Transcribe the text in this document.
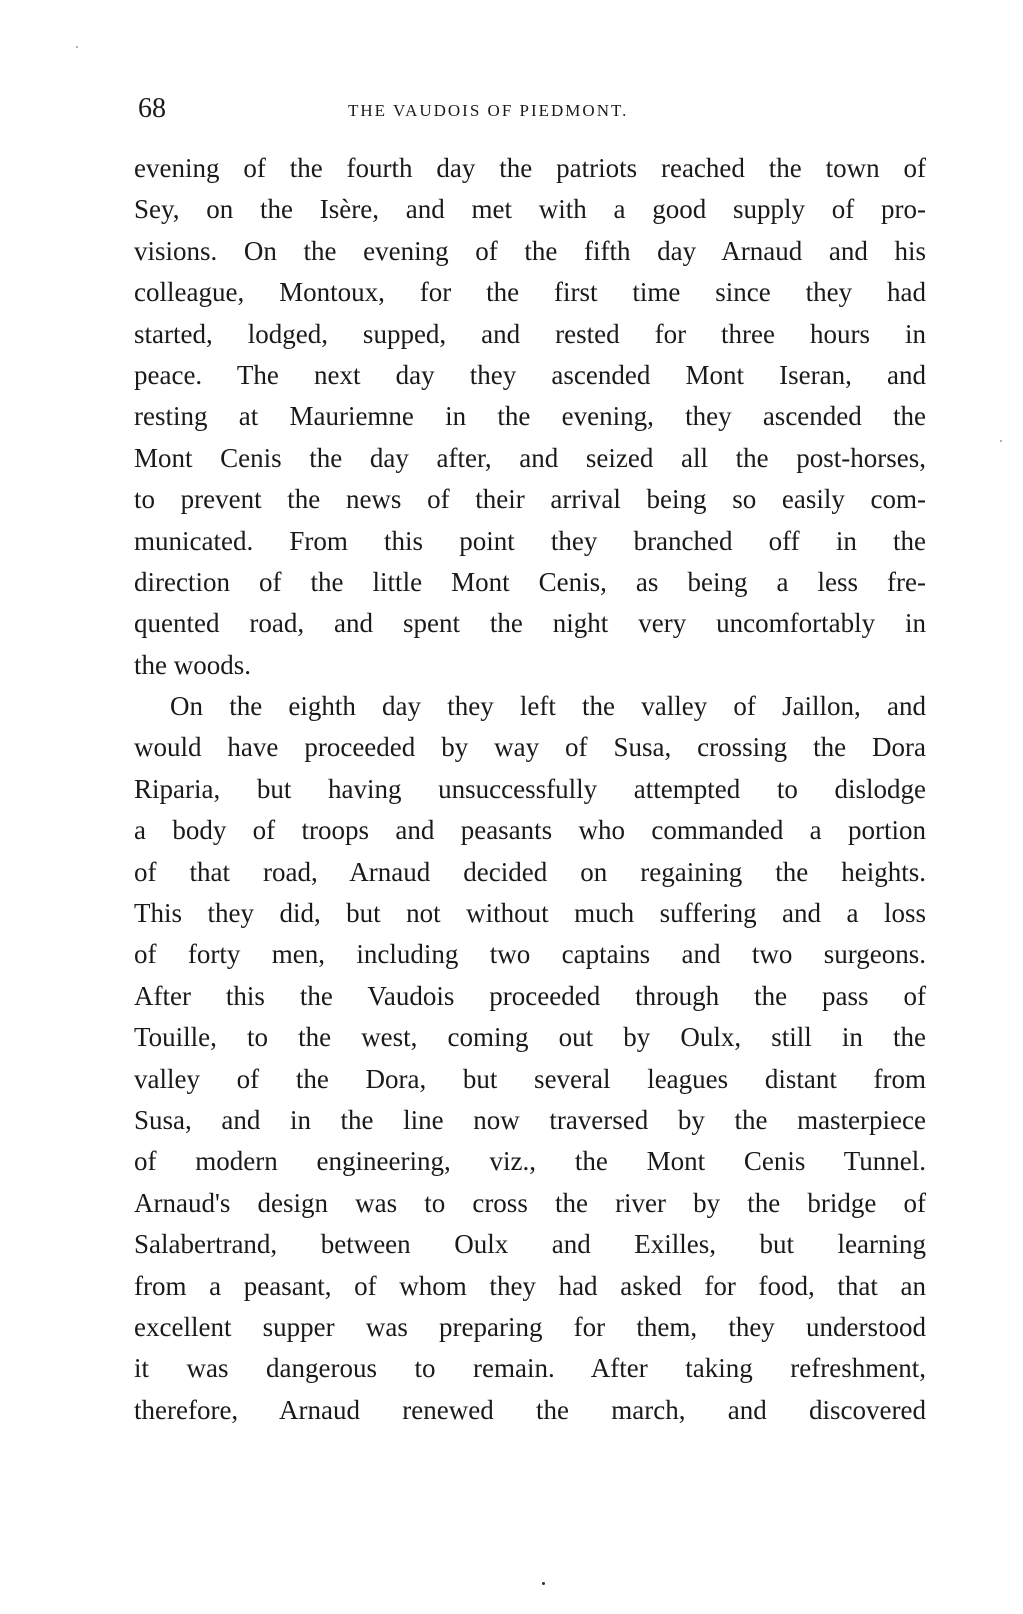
68	THE VAUDOIS OF PIEDMONT.
evening of the fourth day the patriots reached the town of
Sey, on the Isère, and met with a good supply of pro-
visions. On the evening of the fifth day Arnaud and his
colleague, Montoux, for the first time since they had
started, lodged, supped, and rested for three hours in
peace. The next day they ascended Mont Iseran, and
resting at Mauriemne in the evening, they ascended the
Mont Cenis the day after, and seized all the post-horses,
to prevent the news of their arrival being so easily com-
municated. From this point they branched off in the
direction of the little Mont Cenis, as being a less fre-
quented road, and spent the night very uncomfortably in
the woods.
On the eighth day they left the valley of Jaillon, and
would have proceeded by way of Susa, crossing the Dora
Riparia, but having unsuccessfully attempted to dislodge
a body of troops and peasants who commanded a portion
of that road, Arnaud decided on regaining the heights.
This they did, but not without much suffering and a loss
of forty men, including two captains and two surgeons.
After this the Vaudois proceeded through the pass of
Touille, to the west, coming out by Oulx, still in the
valley of the Dora, but several leagues distant from
Susa, and in the line now traversed by the masterpiece
of modern engineering, viz., the Mont Cenis Tunnel.
Arnaud's design was to cross the river by the bridge of
Salabertrand, between Oulx and Exilles, but learning
from a peasant, of whom they had asked for food, that an
excellent supper was preparing for them, they understood
it was dangerous to remain. After taking refreshment,
therefore, Arnaud renewed the march, and discovered
